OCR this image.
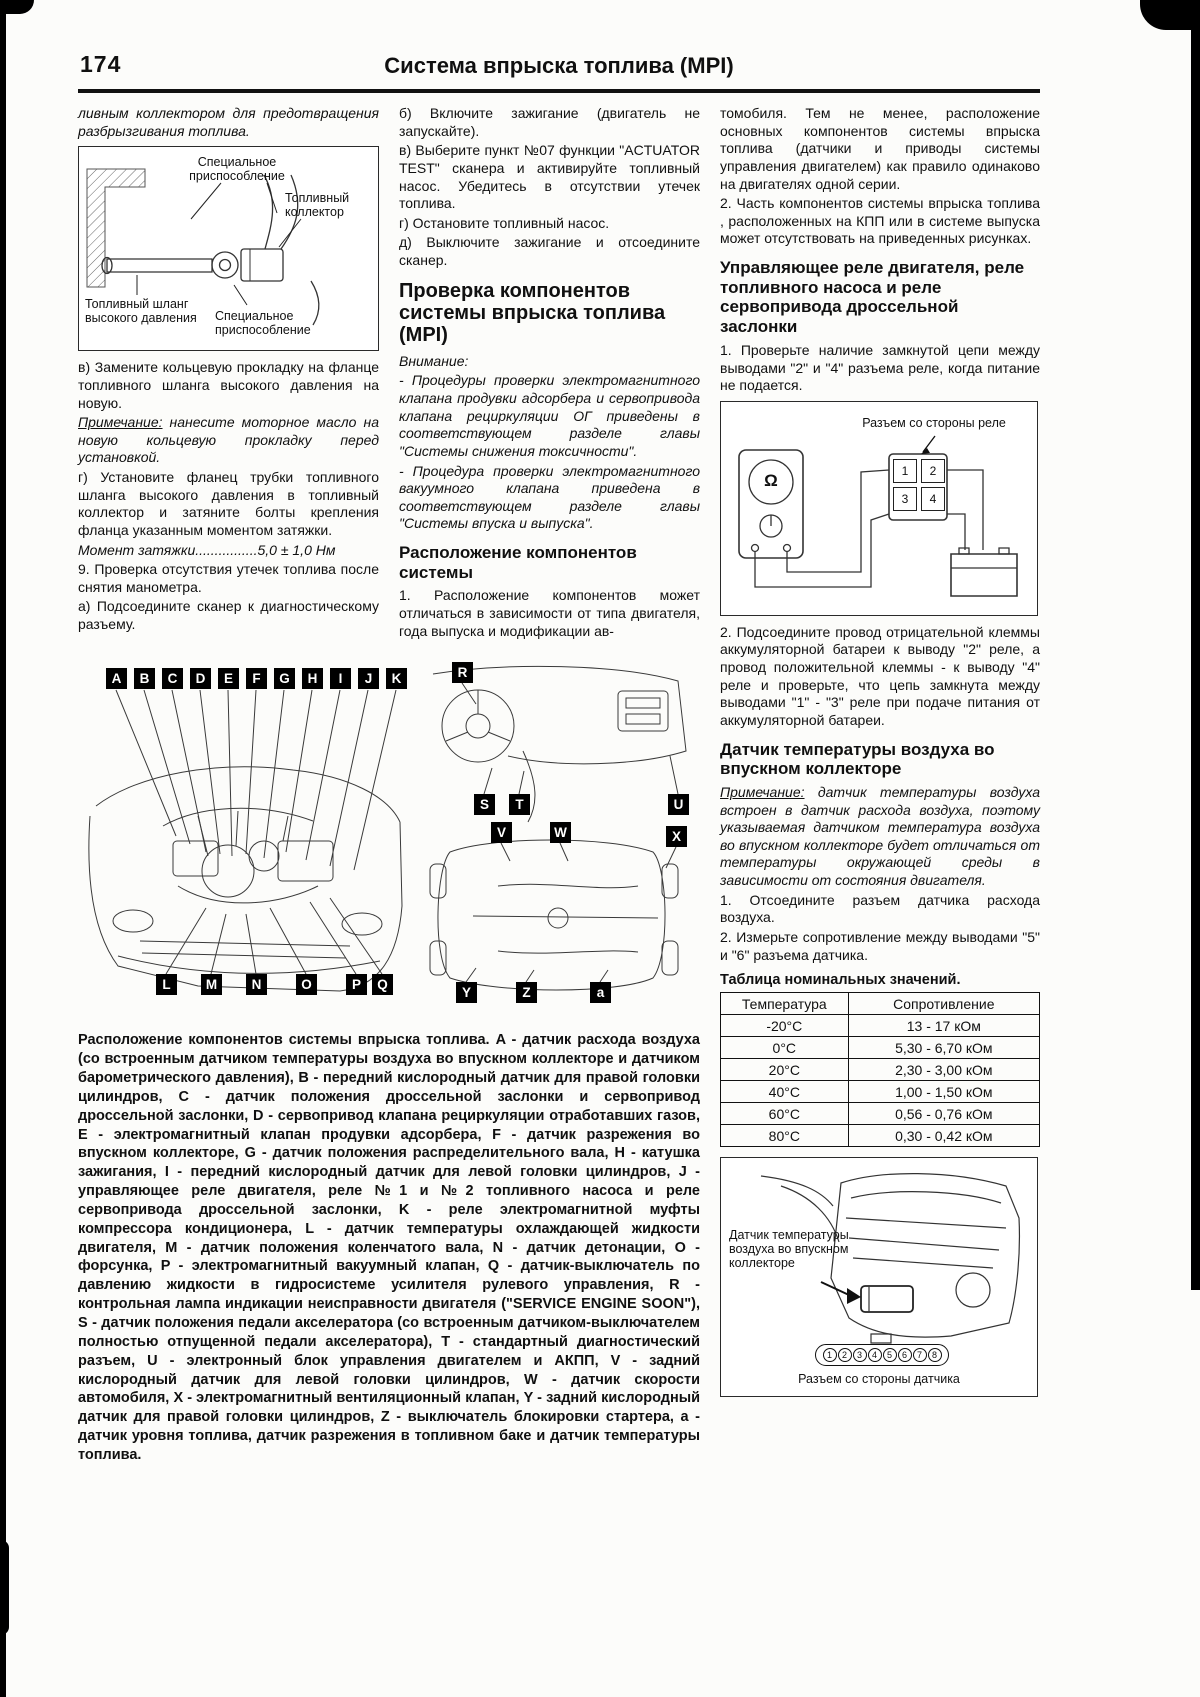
174	Система впрыска топлива (MPI)

ливным коллектором для предотвращения разбрызгивания топлива.

Специальное приспособление
Топливный коллектор
Топливный шланг высокого давления	Специальное приспособление

в) Замените кольцевую прокладку на фланце топливного шланга высокого давления на новую.

Примечание: нанесите моторное масло на новую кольцевую прокладку перед установкой.

г) Установите фланец трубки топливного шланга высокого давления в топливный коллектор и затяните болты крепления фланца указанным моментом затяжки.

Момент затяжки................5,0 ± 1,0 Нм

9. Проверка отсутствия утечек топлива после снятия манометра.

а) Подсоедините сканер к диагностическому разъему.

б) Включите зажигание (двигатель не запускайте).

в) Выберите пункт №07 функции "ACTUATOR TEST" сканера и активируйте топливный насос. Убедитесь в отсутствии утечек топлива.

г) Остановите топливный насос.

д) Выключите зажигание и отсоедините сканер.

Проверка компонентов системы впрыска топлива (MPI)

Внимание:

- Процедуры проверки электромагнитного клапана продувки адсорбера и сервопривода клапана рециркуляции ОГ приведены в соответствующем разделе главы "Системы снижения токсичности".

- Процедура проверки электромагнитного вакуумного клапана приведена в соответствующем разделе главы "Системы впуска и выпуска".

Расположение компонентов системы

1. Расположение компонентов может отличаться в зависимости от типа двигателя, года выпуска и модификации ав-

A	B	C	D	E	F	G	H	I	J	K	R
S	T	U
V	W	X
L	M	N	O	P	Q
Y	Z	a

Расположение компонентов системы впрыска топлива. A - датчик расхода воздуха (со встроенным датчиком температуры воздуха во впускном коллекторе и датчиком барометрического давления), B - передний кислородный датчик для правой головки цилиндров, C - датчик положения дроссельной заслонки и сервопривод дроссельной заслонки, D - сервопривод клапана рециркуляции отработавших газов, E - электромагнитный клапан продувки адсорбера, F - датчик разрежения во впускном коллекторе, G - датчик положения распределительного вала, H - катушка зажигания, I - передний кислородный датчик для левой головки цилиндров, J - управляющее реле двигателя, реле №1 и №2 топливного насоса и реле сервопривода дроссельной заслонки, K - реле электромагнитной муфты компрессора кондиционера, L - датчик температуры охлаждающей жидкости двигателя, M - датчик положения коленчатого вала, N - датчик детонации, O - форсунка, P - электромагнитный вакуумный клапан, Q - датчик-выключатель по давлению жидкости в гидросистеме усилителя рулевого управления, R - контрольная лампа индикации неисправности двигателя ("SERVICE ENGINE SOON"), S - датчик положения педали акселератора (со встроенным датчиком-выключателем полностью отпущенной педали акселератора), T - стандартный диагностический разъем, U - электронный блок управления двигателем и АКПП, V - задний кислородный датчик для левой головки цилиндров, W - датчик скорости автомобиля, X - электромагнитный вентиляционный клапан, Y - задний кислородный датчик для правой головки цилиндров, Z - выключатель блокировки стартера, a - датчик уровня топлива, датчик разрежения в топливном баке и датчик температуры топлива.

томобиля. Тем не менее, расположение основных компонентов системы впрыска топлива (датчики и приводы системы управления двигателем) как правило одинаково на двигателях одной серии.

2. Часть компонентов системы впрыска топлива , расположенных на КПП или в системе выпуска может отсутствовать на приведенных рисунках.

Управляющее реле двигателя, реле топливного насоса и реле сервопривода дроссельной заслонки

1. Проверьте наличие замкнутой цепи между выводами "2" и "4" разъема реле, когда питание не подается.

Разъем со стороны реле
Ω	1	2
3	4

2. Подсоедините провод отрицательной клеммы аккумуляторной батареи к выводу "2" реле, а провод положительной клеммы - к выводу "4" реле и проверьте, что цепь замкнута между выводами "1" - "3" реле при подаче питания от аккумуляторной батареи.

Датчик температуры воздуха во впускном коллекторе

Примечание: датчик температуры воздуха встроен в датчик расхода воздуха, поэтому указываемая датчиком температура воздуха во впускном коллекторе будет отличаться от температуры окружающей среды в зависимости от состояния двигателя.

1. Отсоедините разъем датчика расхода воздуха.

2. Измерьте сопротивление между выводами "5" и "6" разъема датчика.

Таблица номинальных значений.

Температура	Сопротивление
-20°C	13 - 17 кОм
0°C	5,30 - 6,70 кОм
20°C	2,30 - 3,00 кОм
40°C	1,00 - 1,50 кОм
60°C	0,56 - 0,76 кОм
80°C	0,30 - 0,42 кОм
Датчик температуры воздуха во впускном коллекторе
1	2	3	4	5	6	7	8
Разъем со стороны датчика
